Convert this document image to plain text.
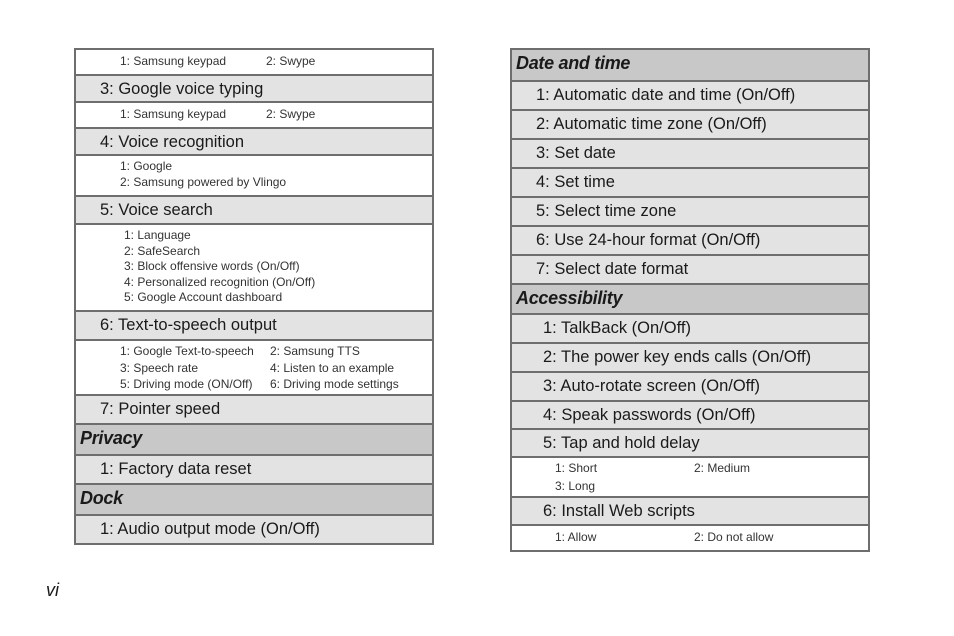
1: Samsung keypad	2: Swype
3: Google voice typing
1: Samsung keypad	2: Swype
4: Voice recognition
1: Google
2: Samsung powered by Vlingo
5: Voice search
1: Language
2: SafeSearch
3: Block offensive words (On/Off)
4: Personalized recognition (On/Off)
5: Google Account dashboard
6: Text-to-speech output
1: Google Text-to-speech	2: Samsung TTS
3: Speech rate	4: Listen to an example
5: Driving mode (ON/Off)	6: Driving mode settings
7: Pointer speed
Privacy
1: Factory data reset
Dock
1: Audio output mode (On/Off)
Date and time
1: Automatic date and time (On/Off)
2: Automatic time zone (On/Off)
3: Set date
4: Set time
5: Select time zone
6: Use 24-hour format (On/Off)
7: Select date format
Accessibility
1: TalkBack (On/Off)
2: The power key ends calls (On/Off)
3: Auto-rotate screen (On/Off)
4: Speak passwords (On/Off)
5: Tap and hold delay
1: Short	2: Medium
3: Long
6: Install Web scripts
1: Allow	2: Do not allow
vi
